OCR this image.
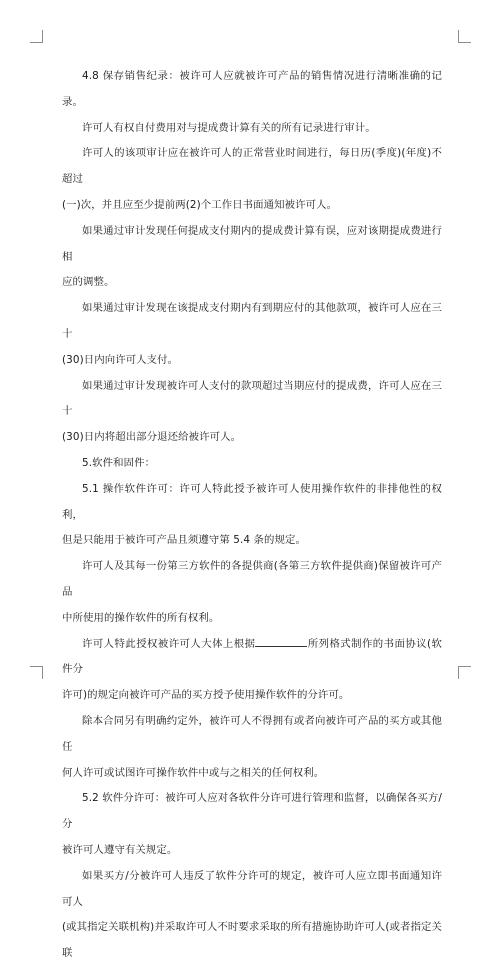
4.8 保存销售纪录：被许可人应就被许可产品的销售情况进行清晰准确的记录。

许可人有权自付费用对与提成费计算有关的所有记录进行审计。

许可人的该项审计应在被许可人的正常营业时间进行，每日历(季度)(年度)不超过

(一)次，并且应至少提前两(2)个工作日书面通知被许可人。

如果通过审计发现任何提成支付期内的提成费计算有误，应对该期提成费进行相

应的调整。

如果通过审计发现在该提成支付期内有到期应付的其他款项，被许可人应在三十

(30)日内向许可人支付。

如果通过审计发现被许可人支付的款项超过当期应付的提成费，许可人应在三十

(30)日内将超出部分退还给被许可人。

5.软件和固件：

5.1 操作软件许可：许可人特此授予被许可人使用操作软件的非排他性的权利，

但是只能用于被许可产品且须遵守第 5.4 条的规定。

许可人及其每一份第三方软件的各提供商(各第三方软件提供商)保留被许可产品

中所使用的操作软件的所有权利。

许可人特此授权被许可人大体上根据	所列格式制作的书面协议(软件分

许可)的规定向被许可产品的买方授予使用操作软件的分许可。

除本合同另有明确约定外，被许可人不得拥有或者向被许可产品的买方或其他任

何人许可或试图许可操作软件中或与之相关的任何权利。

5.2 软件分许可：被许可人应对各软件分许可进行管理和监督，以确保各买方/分

被许可人遵守有关规定。

如果买方/分被许可人违反了软件分许可的规定，被许可人应立即书面通知许可人

(或其指定关联机构)并采取许可人不时要求采取的所有措施协助许可人(或者指定关联
